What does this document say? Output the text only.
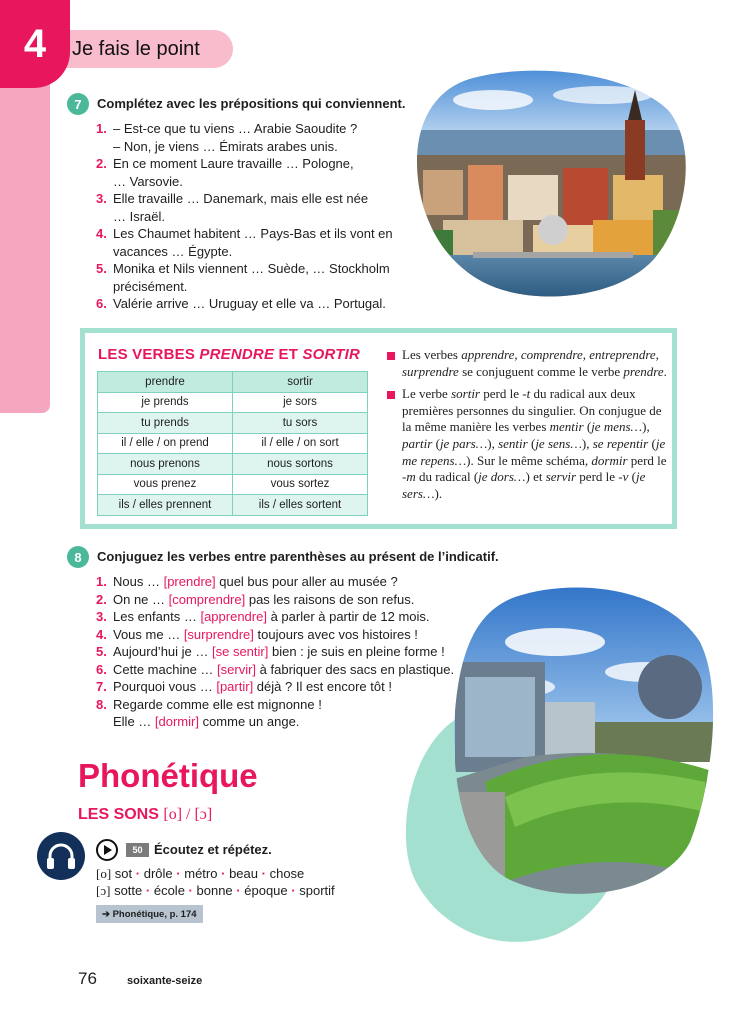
Je fais le point
4
7 Complétez avec les prépositions qui conviennent.
1. – Est-ce que tu viens … Arabie Saoudite ?
– Non, je viens … Émirats arabes unis.
2. En ce moment Laure travaille … Pologne,
… Varsovie.
3. Elle travaille … Danemark, mais elle est née
… Israël.
4. Les Chaumet habitent … Pays-Bas et ils vont en
vacances … Égypte.
5. Monika et Nils viennent … Suède, … Stockholm
précisément.
6. Valérie arrive … Uruguay et elle va … Portugal.
LES VERBES PRENDRE ET SORTIR
prendre	sortir
je prends	je sors
tu prends	tu sors
il / elle / on prend	il / elle / on sort
nous prenons	nous sortons
vous prenez	vous sortez
ils / elles prennent	ils / elles sortent

Les verbes apprendre, comprendre, entreprendre, surprendre se conjuguent comme le verbe prendre.

Le verbe sortir perd le -t du radical aux deux premières personnes du singulier. On conjugue de la même manière les verbes mentir (je mens…), partir (je pars…), sentir (je sens…), se repentir (je me repens…). Sur le même schéma, dormir perd le -m du radical (je dors…) et servir perd le -v (je sers…).

8 Conjuguez les verbes entre parenthèses au présent de l’indicatif.
1. Nous … [prendre] quel bus pour aller au musée ?
2. On ne … [comprendre] pas les raisons de son refus.
3. Les enfants … [apprendre] à parler à partir de 12 mois.
4. Vous me … [surprendre] toujours avec vos histoires !
5. Aujourd’hui je … [se sentir] bien : je suis en pleine forme !
6. Cette machine … [servir] à fabriquer des sacs en plastique.
7. Pourquoi vous … [partir] déjà ? Il est encore tôt !
8. Regarde comme elle est mignonne !
Elle … [dormir] comme un ange.
Phonétique
LES SONS [o] / [ɔ]
50 Écoutez et répétez.
[o] sot · drôle · métro · beau · chose
[ɔ] sotte · école · bonne · époque · sportif
➔ Phonétique, p. 174
76	soixante-seize
